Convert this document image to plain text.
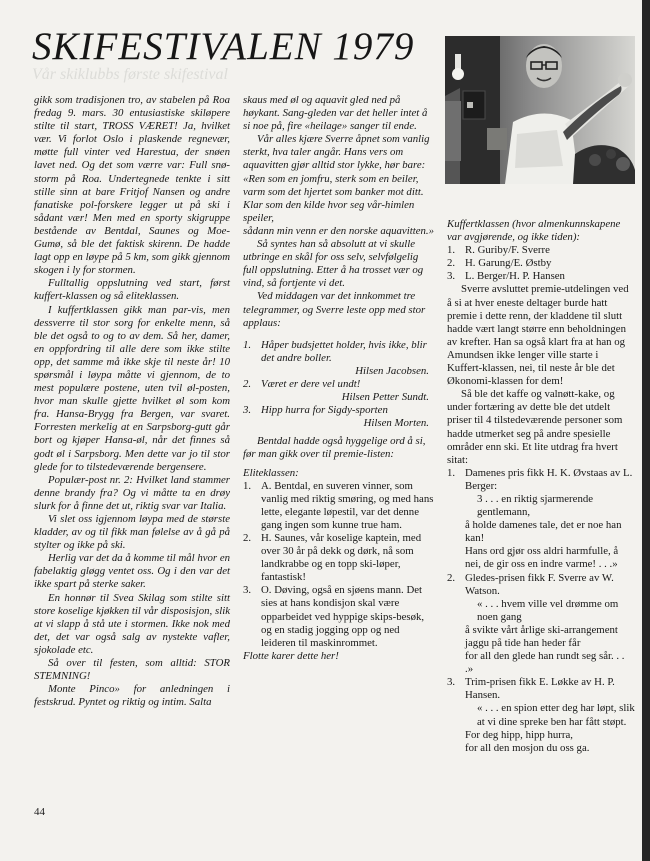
SKIFESTIVALEN 1979
Vår skiklubbs første skifestival

gikk som tradisjonen tro, av stabelen på Roa fredag 9. mars. 30 entusiastiske skiløpere stilte til start, TROSS VÆRET! Ja, hvilket vær. Vi forlot Oslo i plaskende regnevær, møtte full vinter ved Harestua, der snøen lavet ned. Og det som værre var: Full snø-storm på Roa. Undertegnede tenkte i sitt stille sinn at bare Fritjof Nansen og andre fanatiske pol-forskere legger ut på ski i sådant vær! Men med en sporty skigruppe bestående av Bentdal, Saunes og Moe-Gumø, så ble det faktisk skirenn. De hadde lagt opp en løype på 5 km, som gikk gjennom skogen i ly for stormen.

Fulltallig oppslutning ved start, først kuffert-klassen og så eliteklassen.

I kuffertklassen gikk man par-vis, men dessverre til stor sorg for enkelte menn, så ble det også to og to av dem. Så her, damer, en oppfordring til alle dere som ikke stilte opp, det samme må ikke skje til neste år! 10 spørsmål i løypa måtte vi gjennom, de to mest populære postene, uten tvil øl-posten, hvor man skulle gjette hvilket øl som kom fra. Hansa-Brygg fra Bergen, var svaret. Forresten merkelig at en Sarpsborg-gutt går bort og kjøper Hansa-øl, når det finnes så godt øl i Sarpsborg. Men dette var jo til stor glede for to tilstedeværende bergensere.

Populær-post nr. 2: Hvilket land stammer denne brandy fra? Og vi måtte ta en drøy slurk for å finne det ut, riktig svar var Italia.

Vi slet oss igjennom løypa med de største kladder, av og til fikk man følelse av å gå på stylter og ikke på ski.

Herlig var det da å komme til mål hvor en fabelaktig gløgg ventet oss. Og i den var det ikke spart på sterke saker.

En honnør til Svea Skilag som stilte sitt store koselige kjøkken til vår disposisjon, slik at vi slapp å stå ute i stormen. Ikke nok med det, det var også salg av nystekte vafler, sjokolade etc.

Så over til festen, som alltid: STOR STEMNING!

Monte Pinco» for anledningen i festskrud. Pyntet og riktig og intim. Salta

skaus med øl og aquavit gled ned på høykant. Sang-gleden var det heller intet å si noe på, fire «heilage» sanger til ende.

Vår alles kjære Sverre åpnet som vanlig sterkt, hva taler angår. Hans vers om aquavitten gjør alltid stor lykke, hør bare:

«Ren som en jomfru, sterk som en beiler,

varm som det hjertet som banker mot ditt.

Klar som den kilde hvor seg vår-himlen speiler,

sådann min venn er den norske aquavitten.»

Så syntes han så absolutt at vi skulle utbringe en skål for oss selv, selvfølgelig full oppslutning. Etter å ha trosset vær og vind, så fortjente vi det.

Ved middagen var det innkommet tre telegrammer, og Sverre leste opp med stor applaus:

1. Håper budsjettet holder, hvis ikke, blir det andre boller.
Hilsen Jacobsen.
2. Været er dere vel undt!
Hilsen Petter Sundt.
3. Hipp hurra for Sigdy-sporten
Hilsen Morten.

Bentdal hadde også hyggelige ord å si, før man gikk over til premie-listen:

Eliteklassen:

1. A. Bentdal, en suveren vinner, som vanlig med riktig smøring, og med hans lette, elegante løpestil, var det denne gang ingen som kunne true ham.
2. H. Saunes, vår koselige kaptein, med over 30 år på dekk og dørk, nå som landkrabbe og en topp ski-løper, fantastisk!
3. O. Døving, også en sjøens mann. Det sies at hans kondisjon skal være opparbeidet ved hyppige skips-besøk, og en stadig jogging opp og ned leideren til maskinrommet.

Flotte karer dette her!

Kuffertklassen (hvor almenkunnskapene var avgjørende, og ikke tiden):

1. R. Guriby/F. Sverre
2. H. Garung/E. Østby
3. L. Berger/H. P. Hansen

Sverre avsluttet premie-utdelingen ved å si at hver eneste deltager burde hatt premie i dette renn, der kladdene til slutt hadde vært langt større enn beholdningen av krefter. Han sa også klart fra at han og Amundsen ikke lenger ville starte i Kuffert-klassen, nei, til neste år ble det Økonomi-klassen for dem!

Så ble det kaffe og valnøtt-kake, og under fortæring av dette ble det utdelt priser til 4 tilstedeværende personer som hadde utmerket seg på andre spesielle områder enn ski. Et lite utdrag fra hvert sitat:

1. Damenes pris fikk H. K. Øvstaas av L. Berger:
3 . . . en riktig sjarmerende gentlemann,
å holde damenes tale, det er noe han kan!
Hans ord gjør oss aldri harmfulle, å nei, de gir oss en indre varme! . . .»
2. Gledes-prisen fikk F. Sverre av W. Watson.
« . . . hvem ville vel drømme om noen gang
å svikte vårt årlige ski-arrangement jaggu på tide han heder får
for all den glede han rundt seg sår. . . .»
3. Trim-prisen fikk E. Løkke av H. P. Hansen.
« . . . en spion etter deg har løpt, slik at vi dine spreke ben har fått støpt.
For deg hipp, hipp hurra,
for all den mosjon du oss ga.
44
